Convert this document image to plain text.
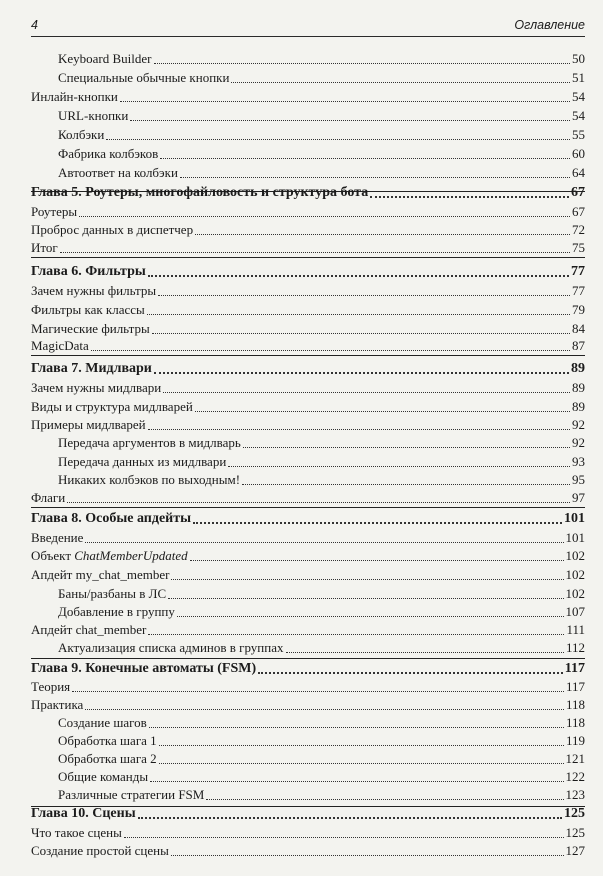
4	Оглавление
Keyboard Builder	50
Специальные обычные кнопки	51
Инлайн-кнопки	54
URL-кнопки	54
Колбэки	55
Фабрика колбэков	60
Автоответ на колбэки	64
Глава 5. Роутеры, многофайловость и структура бота	67
Роутеры	67
Проброс данных в диспетчер	72
Итог	75
Глава 6. Фильтры	77
Зачем нужны фильтры	77
Фильтры как классы	79
Магические фильтры	84
MagicData	87
Глава 7. Мидлвари	89
Зачем нужны мидлвари	89
Виды и структура мидлварей	89
Примеры мидлварей	92
Передача аргументов в мидлварь	92
Передача данных из мидлвари	93
Никаких колбэков по выходным!	95
Флаги	97
Глава 8. Особые апдейты	101
Введение	101
Объект ChatMemberUpdated	102
Апдейт my_chat_member	102
Баны/разбаны в ЛС	102
Добавление в группу	107
Апдейт chat_member	111
Актуализация списка админов в группах	112
Глава 9. Конечные автоматы (FSM)	117
Теория	117
Практика	118
Создание шагов	118
Обработка шага 1	119
Обработка шага 2	121
Общие команды	122
Различные стратегии FSM	123
Глава 10. Сцены	125
Что такое сцены	125
Создание простой сцены	127
